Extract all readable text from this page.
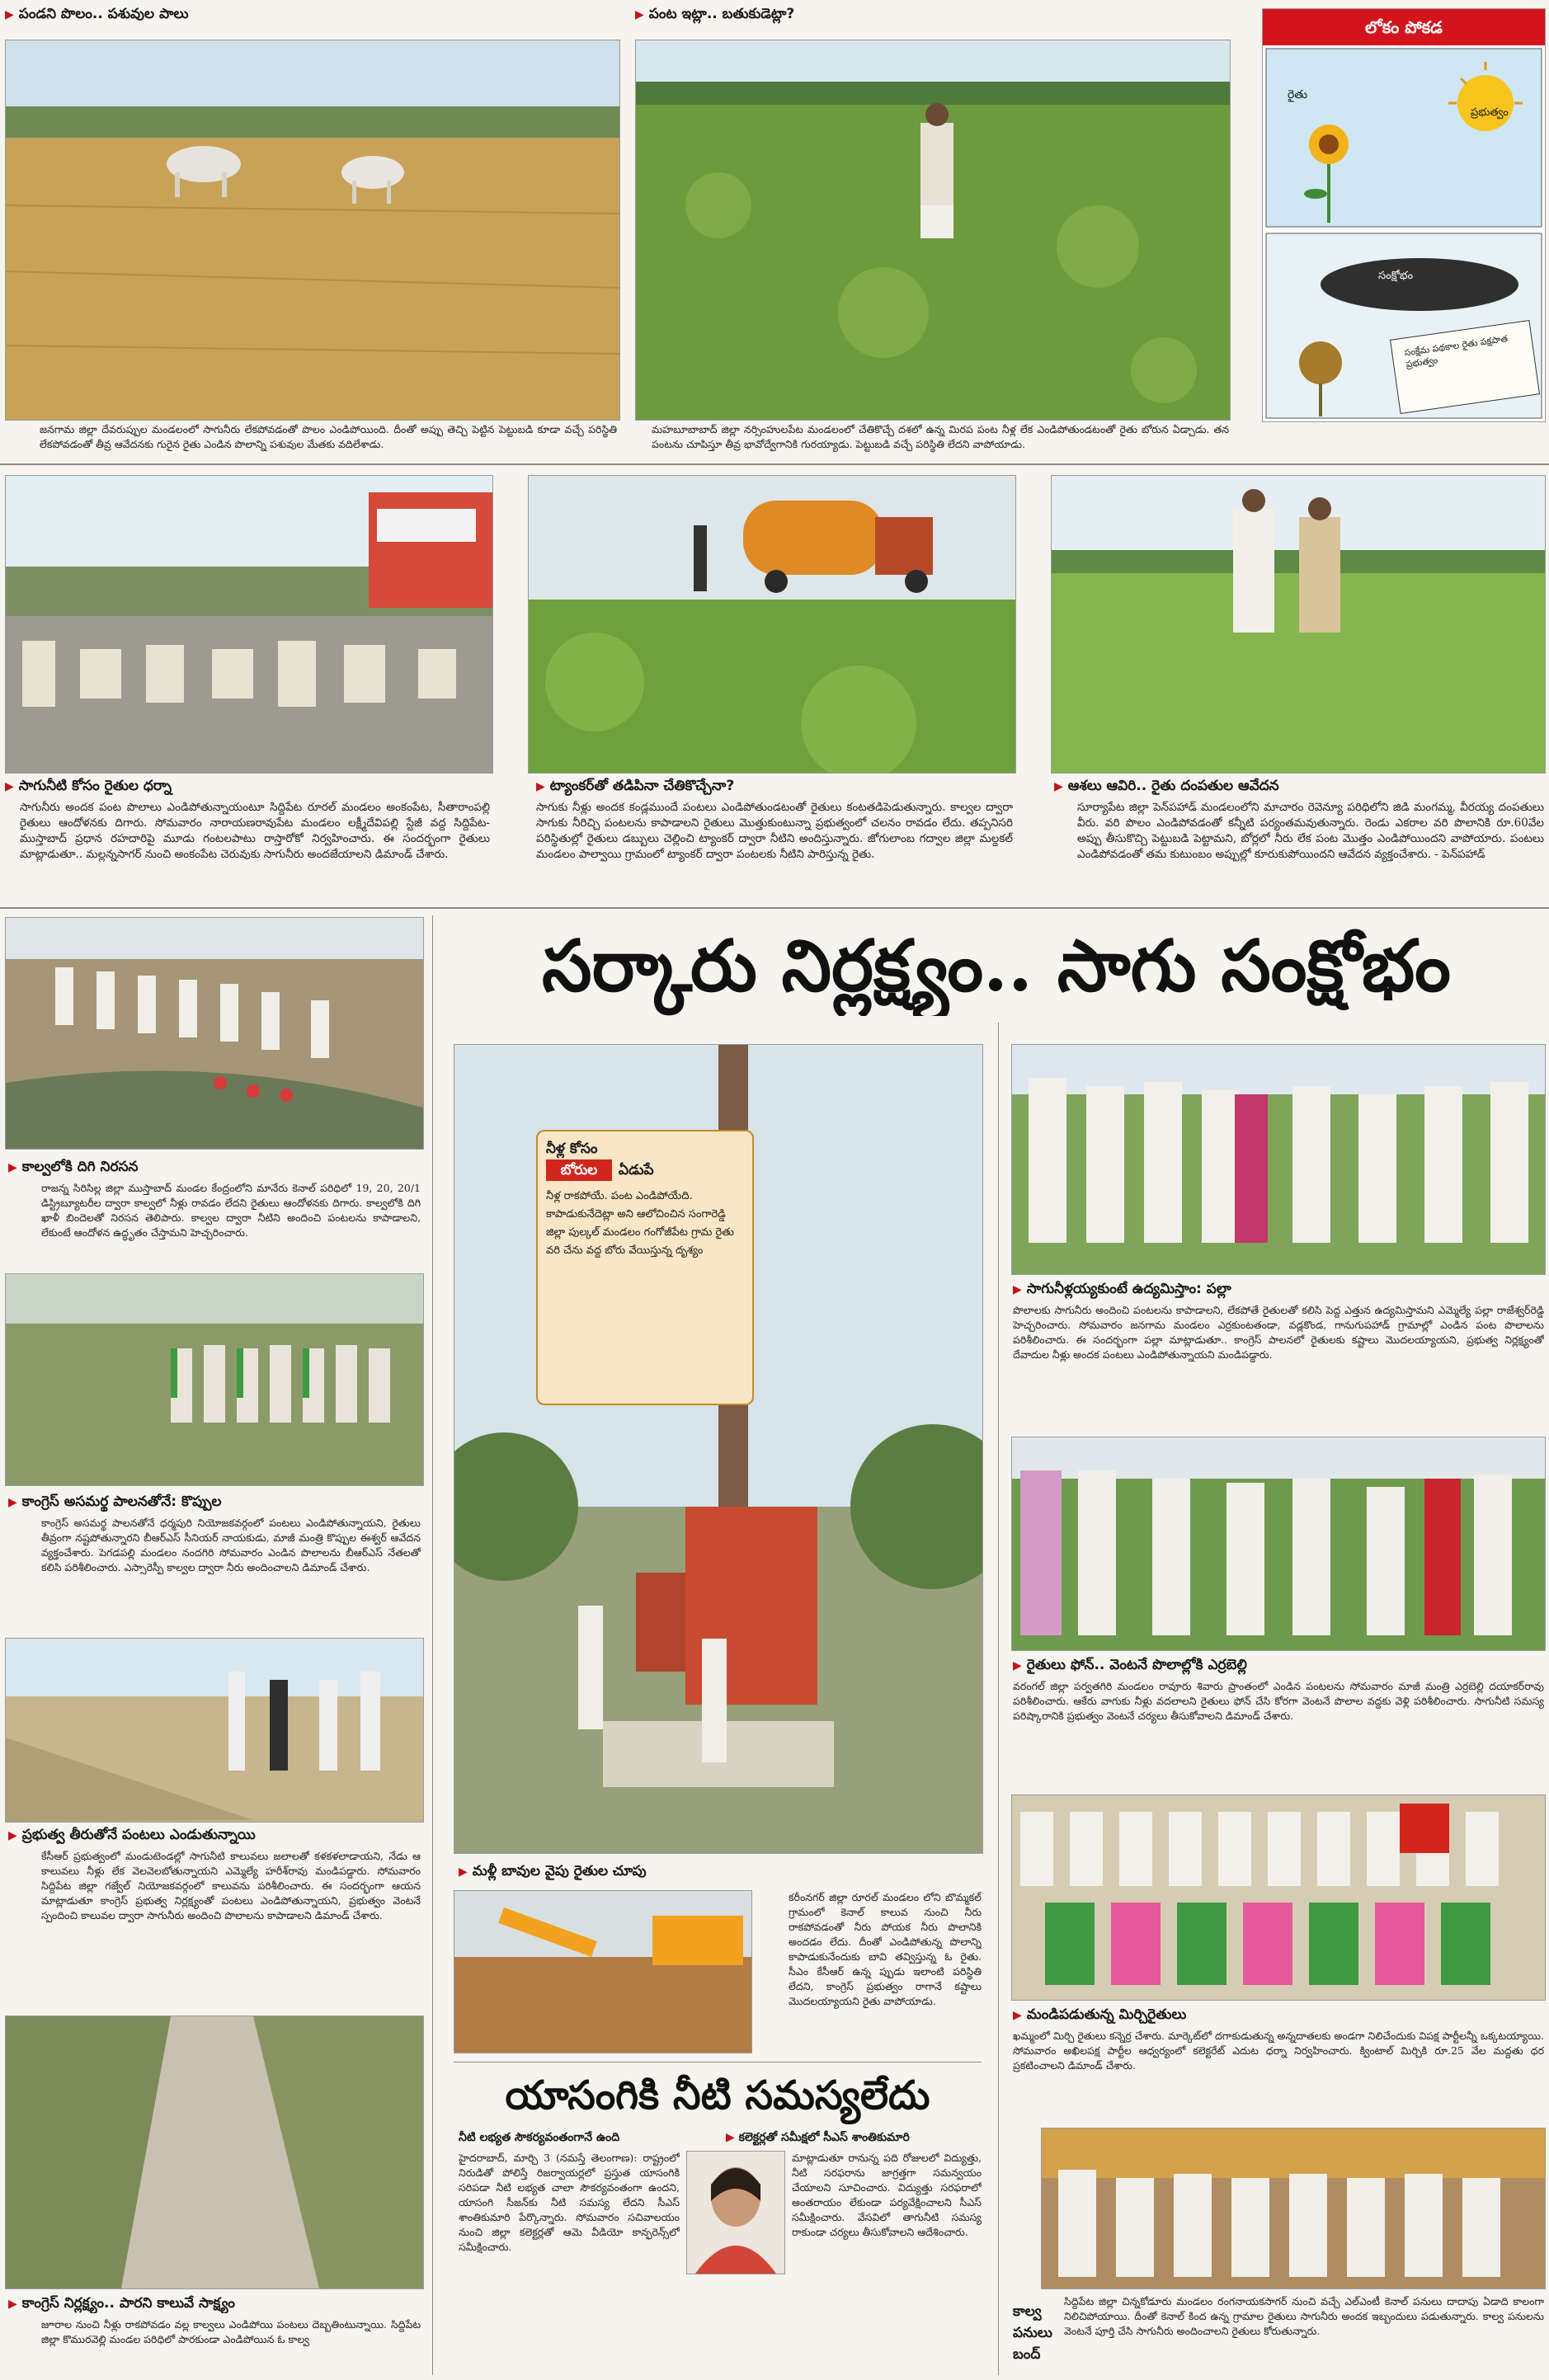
▶ పండని పొలం.. పశువుల పాలు
జనగామ జిల్లా దేవరుప్పుల మండలంలో సాగునీరు లేకపోవడంతో పొలం ఎండిపోయింది. దీంతో అప్పు తెచ్చి పెట్టిన పెట్టుబడి కూడా వచ్చే పరిస్థితి లేకపోవడంతో తీవ్ర ఆవేదనకు గురైన రైతు ఎండిన పొలాన్ని పశువుల మేతకు వదిలేశాడు.
▶ పంట ఇట్లా.. బతుకుడెట్లా?
మహబూబాబాద్ జిల్లా నర్సింహులపేట మండలంలో చేతికొచ్చే దశలో ఉన్న మిరప పంట నీళ్ల లేక ఎండిపోతుండటంతో రైతు బోరున ఏడ్చాడు. తన పంటను చూపిస్తూ తీవ్ర భావోద్వేగానికి గురయ్యాడు. పెట్టుబడి వచ్చే పరిస్థితి లేదని వాపోయాడు.
లోకం పోకడ
రైతు
ప్రభుత్వం
సంక్షోభం
సంక్షేమ పథకాల రైతు పక్షపాత ప్రభుత్వం
▶ సాగునీటి కోసం రైతుల ధర్నా
సాగునీరు అందక పంట పొలాలు ఎండిపోతున్నాయంటూ సిద్దిపేట రూరల్ మండలం అంకంపేట, సీతారాంపల్లి రైతులు ఆందోళనకు దిగారు. సోమవారం నారాయణరావుపేట మండలం లక్ష్మీదేవిపల్లి స్టేజీ వద్ద సిద్దిపేట-ముస్తాబాద్ ప్రధాన రహదారిపై మూడు గంటలపాటు రాస్తారోకో నిర్వహించారు. ఈ సందర్భంగా రైతులు మాట్లాడుతూ.. మల్లన్నసాగర్ నుంచి అంకంపేట చెరువుకు సాగునీరు అందజేయాలని డిమాండ్ చేశారు.
▶ ట్యాంకర్‌తో తడిపినా చేతికొచ్చేనా?
సాగుకు నీళ్లు అందక కండ్లముందే పంటలు ఎండిపోతుండటంతో రైతులు కంటతడిపెడుతున్నారు. కాల్వల ద్వారా సాగుకు నీరిచ్చి పంటలను కాపాడాలని రైతులు మొత్తుకుంటున్నా ప్రభుత్వంలో చలనం రావడం లేదు. తప్పనిసరి పరిస్థితుల్లో రైతులు డబ్బులు చెల్లించి ట్యాంకర్ ద్వారా నీటిని అందిస్తున్నారు. జోగులాంబ గద్వాల జిల్లా మల్దకల్ మండలం పాల్వాయి గ్రామంలో ట్యాంకర్ ద్వారా పంటలకు నీటిని పారిస్తున్న రైతు.
▶ ఆశలు ఆవిరి.. రైతు దంపతుల ఆవేదన
సూర్యాపేట జిల్లా పెన్‌పహాడ్ మండలంలోని మాచారం రెవెన్యూ పరిధిలోని జిడి మంగమ్మ, వీరయ్య దంపతులు వీరు. వరి పొలం ఎండిపోవడంతో కన్నీటి పర్యంతమవుతున్నారు. రెండు ఎకరాల వరి పొలానికి రూ.60వేల అప్పు తీసుకొచ్చి పెట్టుబడి పెట్టామని, బోర్లలో నీరు లేక పంట మొత్తం ఎండిపోయిందని వాపోయారు. పంటలు ఎండిపోవడంతో తమ కుటుంబం అప్పుల్లో కూరుకుపోయిందని ఆవేదన వ్యక్తంచేశారు. - పెన్‌పహాడ్
సర్కారు నిర్లక్ష్యం.. సాగు సంక్షోభం
▶ కాల్వలోకి దిగి నిరసన
రాజన్న సిరిసిల్ల జిల్లా ముస్తాబాద్ మండల కేంద్రంలోని మానేరు కెనాల్ పరిధిలో 19, 20, 20/1 డిస్ట్రిబ్యూటరీల ద్వారా కాల్వలో నీళ్లు రావడం లేదని రైతులు ఆందోళనకు దిగారు. కాల్వలోకి దిగి ఖాళీ బిందెలతో నిరసన తెలిపారు. కాల్వల ద్వారా నీటిని అందించి పంటలను కాపాడాలని, లేకుంటే ఆందోళన ఉద్ధృతం చేస్తామని హెచ్చరించారు.
▶ కాంగ్రెస్ అసమర్థ పాలనతోనే: కొప్పుల
కాంగ్రెస్ అసమర్థ పాలనతోనే ధర్మపురి నియోజకవర్గంలో పంటలు ఎండిపోతున్నాయని, రైతులు తీవ్రంగా నష్టపోతున్నారని బీఆర్‌ఎస్ సీనియర్ నాయకుడు, మాజీ మంత్రి కొప్పుల ఈశ్వర్ ఆవేదన వ్యక్తంచేశారు. పెగడపల్లి మండలం నందగిరి సోమవారం ఎండిన పొలాలను బీఆర్‌ఎస్ నేతలతో కలిసి పరిశీలించారు. ఎస్సారెస్పీ కాల్వల ద్వారా నీరు అందించాలని డిమాండ్ చేశారు.
▶ ప్రభుత్వ తీరుతోనే పంటలు ఎండుతున్నాయి
కేసీఆర్ ప్రభుత్వంలో మండుటెండల్లో సాగునీటి కాలువలు జలాలతో కళకళలాడాయని, నేడు ఆ కాలువలు నీళ్లు లేక వెలవెలబోతున్నాయని ఎమ్మెల్యే హరీశ్‌రావు మండిపడ్డారు. సోమవారం సిద్దిపేట జిల్లా గజ్వేల్ నియోజకవర్గంలో కాలువను పరిశీలించారు. ఈ సందర్భంగా ఆయన మాట్లాడుతూ కాంగ్రెస్ ప్రభుత్వ నిర్లక్ష్యంతో పంటలు ఎండిపోతున్నాయని, ప్రభుత్వం వెంటనే స్పందించి కాలువల ద్వారా సాగునీరు అందించి పొలాలను కాపాడాలని డిమాండ్ చేశారు.
▶ కాంగ్రెస్ నిర్లక్ష్యం.. పారని కాలువే సాక్ష్యం
జూరాల నుంచి నీళ్లు రాకపోవడం వల్ల కాల్వలు ఎండిపోయి పంటలు దెబ్బతింటున్నాయి. సిద్దిపేట జిల్లా కొమురవెల్లి మండల పరిధిలో పారకుండా ఎండిపోయిన ఓ కాల్వ
నీళ్ల కోసం
బోరుల	ఏడుపే
నీళ్ల రాకపోయే. పంట ఎండిపోయేది. కాపాడుకునేదెట్లా అని ఆలోచించిన సంగారెడ్డి జిల్లా పుల్కల్ మండలం గంగోజీపేట గ్రామ రైతు వరి చేను వద్ద బోరు వేయిస్తున్న దృశ్యం
▶ మళ్లీ బావుల వైపు రైతుల చూపు
కరీంనగర్ జిల్లా రూరల్ మండలం లోని బొమ్మకల్ గ్రామంలో కెనాల్ కాలువ నుంచి నీరు రాకపోవడంతో నీరు పోయక నీరు పొలానికి అందడం లేదు. దీంతో ఎండిపోతున్న పొలాన్ని కాపాడుకునేందుకు బావి తవ్విస్తున్న ఓ రైతు. సీఎం కేసీఆర్ ఉన్న ప్పుడు ఇలాంటి పరిస్థితి లేదని, కాంగ్రెస్ ప్రభుత్వం రాగానే కష్టాలు మొదలయ్యాయని రైతు వాపోయాడు.
యాసంగికి నీటి సమస్యలేదు
నీటి లభ్యత సౌకర్యవంతంగానే ఉంది	▶ కలెక్టర్లతో సమీక్షలో సీఎస్ శాంతికుమారి
హైదరాబాద్, మార్చి 3 (నమస్తే తెలంగాణ): రాష్ట్రంలో నిరుడితో పోలిస్తే రిజర్వాయర్లలో ప్రస్తుత యాసంగికి సరిపడా నీటి లభ్యత చాలా సౌకర్యవంతంగా ఉందని, యాసంగి సీజన్‌కు నీటి సమస్య లేదని సీఎస్ శాంతికుమారి పేర్కొన్నారు. సోమవారం సచివాలయం నుంచి జిల్లా కలెక్టర్లతో ఆమె వీడియో కాన్ఫరెన్స్‌లో సమీక్షించారు.
మాట్లాడుతూ రానున్న పది రోజులలో విద్యుత్తు, నీటి సరఫరాను జాగ్రత్తగా సమన్వయం చేయాలని సూచించారు. విద్యుత్తు సరఫరాలో అంతరాయం లేకుండా పర్యవేక్షించాలని సీఎస్ సమీక్షించారు. వేసవిలో తాగునీటి సమస్య రాకుండా చర్యలు తీసుకోవాలని ఆదేశించారు.
▶ సాగునీళ్లయ్యకుంటే ఉద్యమిస్తాం: పల్లా
పొలాలకు సాగునీరు అందించి పంటలను కాపాడాలని, లేకపోతే రైతులతో కలిసి పెద్ద ఎత్తున ఉద్యమిస్తామని ఎమ్మెల్యే పల్లా రాజేశ్వర్‌రెడ్డి హెచ్చరించారు. సోమవారం జనగామ మండలం ఎర్రకుంటతండా, వడ్లకొండ, గానుగుపహాడ్ గ్రామాల్లో ఎండిన పంట పొలాలను పరిశీలించారు. ఈ సందర్భంగా పల్లా మాట్లాడుతూ.. కాంగ్రెస్ పాలనలో రైతులకు కష్టాలు మొదలయ్యాయని, ప్రభుత్వ నిర్లక్ష్యంతో దేవాదుల నీళ్లు అందక పంటలు ఎండిపోతున్నాయని మండిపడ్డారు.
▶ రైతులు ఫోన్.. వెంటనే పొలాల్లోకి ఎర్రబెల్లి
వరంగల్ జిల్లా పర్వతగిరి మండలం రావూరు శివారు ప్రాంతంలో ఎండిన పంటలను సోమవారం మాజీ మంత్రి ఎర్రబెల్లి దయాకర్‌రావు పరిశీలించారు. ఆకేరు వాగుకు నీళ్లు వదలాలని రైతులు ఫోన్ చేసి కోరగా వెంటనే పొలాల వద్దకు వెళ్లి పరిశీలించారు. సాగునీటి సమస్య పరిష్కారానికి ప్రభుత్వం వెంటనే చర్యలు తీసుకోవాలని డిమాండ్ చేశారు.
▶ మండిపడుతున్న మిర్చిరైతులు
ఖమ్మంలో మిర్చి రైతులు కన్నెర్ర చేశారు. మార్కెట్‌లో దగాకుడుతున్న అన్నదాతలకు అండగా నిలిచేందుకు విపక్ష పార్టీలన్నీ ఒక్కటయ్యాయి. సోమవారం అఖిలపక్ష పార్టీల ఆధ్వర్యంలో కలెక్టరేట్ ఎదుట ధర్నా నిర్వహించారు. క్వింటాల్ మిర్చికి రూ.25 వేల మద్దతు ధర ప్రకటించాలని డిమాండ్ చేశారు.
కాల్వ పనులు బంద్
సిద్దిపేట జిల్లా చిన్నకోడూరు మండలం రంగనాయకసాగర్ నుంచి వచ్చే ఎల్‌ఎంటీ కెనాల్ పనులు దాదాపు ఏడాది కాలంగా నిలిచిపోయాయి. దీంతో కెనాల్ కింద ఉన్న గ్రామాల రైతులు సాగునీరు అందక ఇబ్బందులు పడుతున్నారు. కాల్వ పనులను వెంటనే పూర్తి చేసి సాగునీరు అందించాలని రైతులు కోరుతున్నారు.
